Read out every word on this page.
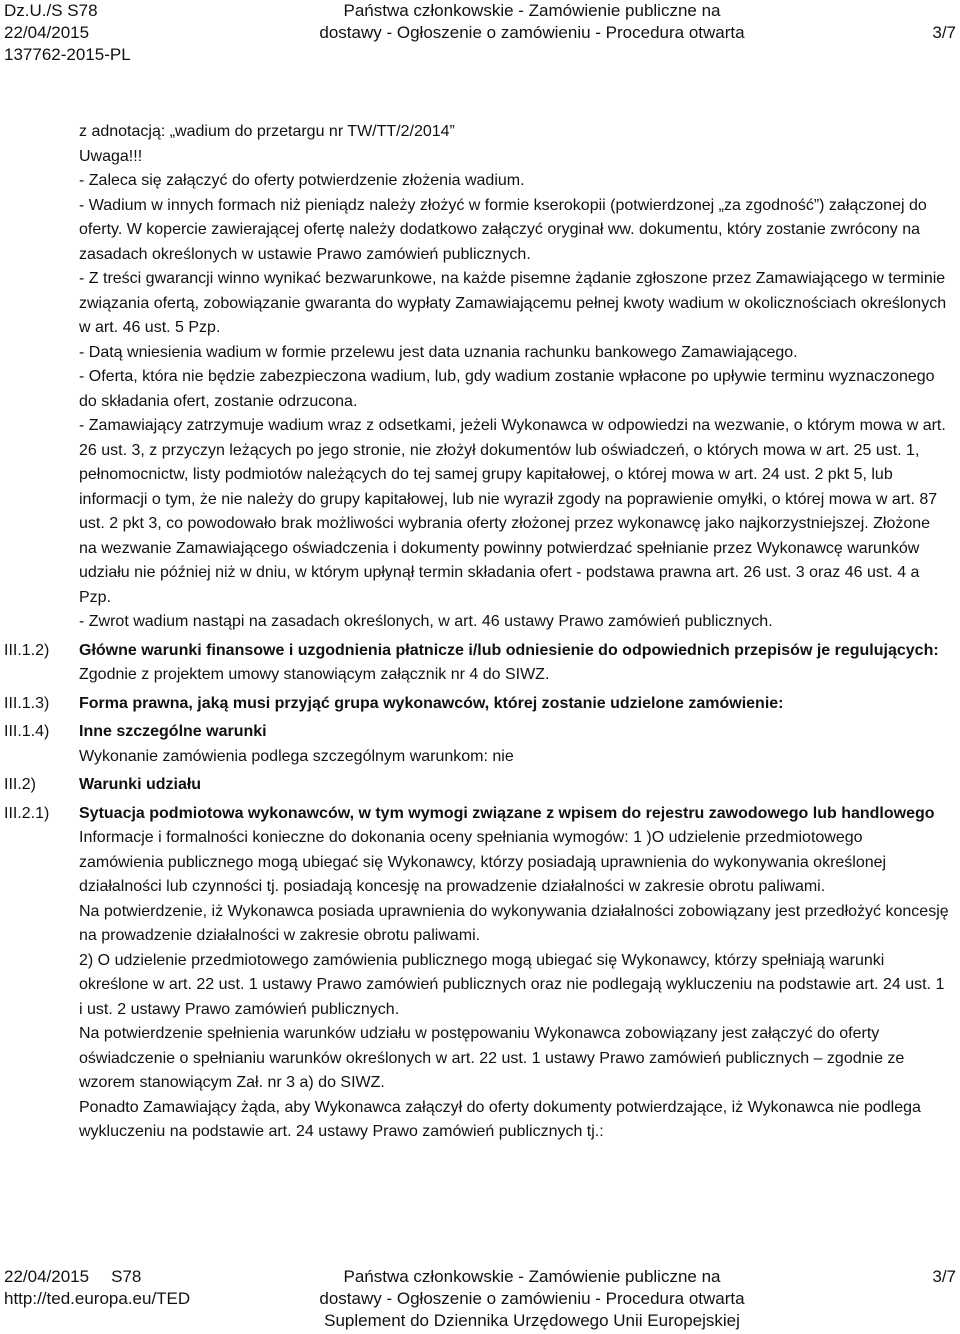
Dz.U./S S78
22/04/2015
137762-2015-PL
Państwa członkowskie - Zamówienie publiczne na
dostawy - Ogłoszenie o zamówieniu - Procedura otwarta	3/7
z adnotacją: „wadium do przetargu nr TW/TT/2/2014”
Uwaga!!!
- Zaleca się załączyć do oferty potwierdzenie złożenia wadium.
- Wadium w innych formach niż pieniądz należy złożyć w formie kserokopii (potwierdzonej „za zgodność”) załączonej do oferty. W kopercie zawierającej ofertę należy dodatkowo załączyć oryginał ww. dokumentu, który zostanie zwrócony na zasadach określonych w ustawie Prawo zamówień publicznych.
- Z treści gwarancji winno wynikać bezwarunkowe, na każde pisemne żądanie zgłoszone przez Zamawiającego w terminie związania ofertą, zobowiązanie gwaranta do wypłaty Zamawiającemu pełnej kwoty wadium w okolicznościach określonych w art. 46 ust. 5 Pzp.
- Datą wniesienia wadium w formie przelewu jest data uznania rachunku bankowego Zamawiającego.
- Oferta, która nie będzie zabezpieczona wadium, lub, gdy wadium zostanie wpłacone po upływie terminu wyznaczonego do składania ofert, zostanie odrzucona.
- Zamawiający zatrzymuje wadium wraz z odsetkami, jeżeli Wykonawca w odpowiedzi na wezwanie, o którym mowa w art. 26 ust. 3, z przyczyn leżących po jego stronie, nie złożył dokumentów lub oświadczeń, o których mowa w art. 25 ust. 1, pełnomocnictw, listy podmiotów należących do tej samej grupy kapitałowej, o której mowa w art. 24 ust. 2 pkt 5, lub informacji o tym, że nie należy do grupy kapitałowej, lub nie wyraził zgody na poprawienie omyłki, o której mowa w art. 87 ust. 2 pkt 3, co powodowało brak możliwości wybrania oferty złożonej przez wykonawcę jako najkorzystniejszej. Złożone na wezwanie Zamawiającego oświadczenia i dokumenty powinny potwierdzać spełnianie przez Wykonawcę warunków udziału nie później niż w dniu, w którym upłynął termin składania ofert - podstawa prawna art. 26 ust. 3 oraz 46 ust. 4 a Pzp.
- Zwrot wadium nastąpi na zasadach określonych, w art. 46 ustawy Prawo zamówień publicznych.
III.1.2) Główne warunki finansowe i uzgodnienia płatnicze i/lub odniesienie do odpowiednich przepisów je regulujących:
Zgodnie z projektem umowy stanowiącym załącznik nr 4 do SIWZ.
III.1.3) Forma prawna, jaką musi przyjąć grupa wykonawców, której zostanie udzielone zamówienie:
III.1.4) Inne szczególne warunki
Wykonanie zamówienia podlega szczególnym warunkom: nie
III.2)	Warunki udziału
III.2.1) Sytuacja podmiotowa wykonawców, w tym wymogi związane z wpisem do rejestru zawodowego lub handlowego
Informacje i formalności konieczne do dokonania oceny spełniania wymogów: 1 )O udzielenie przedmiotowego zamówienia publicznego mogą ubiegać się Wykonawcy, którzy posiadają uprawnienia do wykonywania określonej działalności lub czynności tj. posiadają koncesję na prowadzenie działalności w zakresie obrotu paliwami.
Na potwierdzenie, iż Wykonawca posiada uprawnienia do wykonywania działalności zobowiązany jest przedłożyć koncesję na prowadzenie działalności w zakresie obrotu paliwami.
2) O udzielenie przedmiotowego zamówienia publicznego mogą ubiegać się Wykonawcy, którzy spełniają warunki określone w art. 22 ust. 1 ustawy Prawo zamówień publicznych oraz nie podlegają wykluczeniu na podstawie art. 24 ust. 1 i ust. 2 ustawy Prawo zamówień publicznych.
Na potwierdzenie spełnienia warunków udziału w postępowaniu Wykonawca zobowiązany jest załączyć do oferty oświadczenie o spełnianiu warunków określonych w art. 22 ust. 1 ustawy Prawo zamówień publicznych – zgodnie ze wzorem stanowiącym Zał. nr 3 a) do SIWZ.
Ponadto Zamawiający żąda, aby Wykonawca załączył do oferty dokumenty potwierdzające, iż Wykonawca nie podlega wykluczeniu na podstawie art. 24 ustawy Prawo zamówień publicznych tj.:
22/04/2015 S78
http://ted.europa.eu/TED
Państwa członkowskie - Zamówienie publiczne na
dostawy - Ogłoszenie o zamówieniu - Procedura otwarta
Suplement do Dziennika Urzędowego Unii Europejskiej
3/7
